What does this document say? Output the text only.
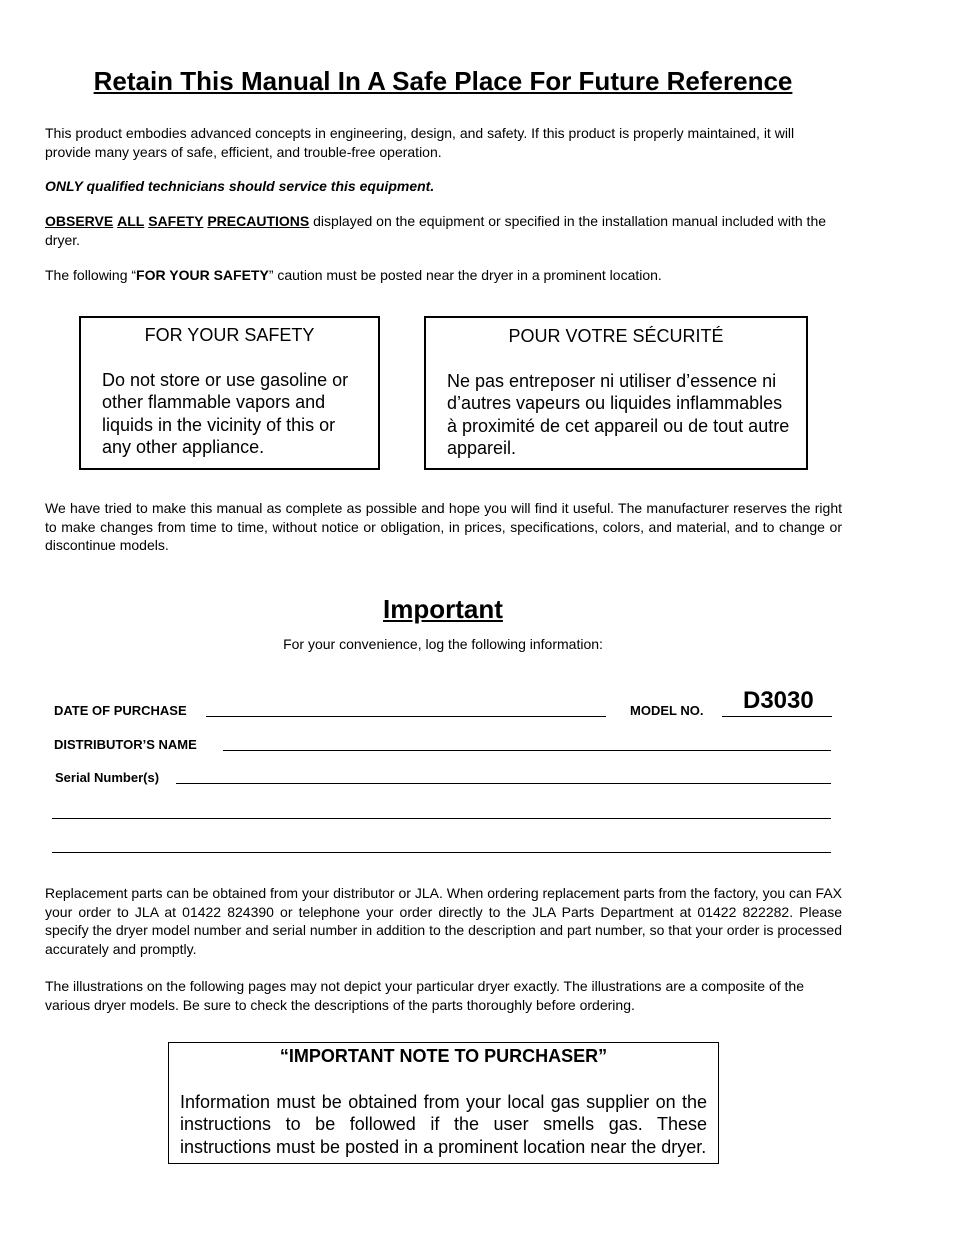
Retain This Manual In A Safe Place For Future Reference
This product embodies advanced concepts in engineering, design, and safety. If this product is properly maintained, it will provide many years of safe, efficient, and trouble-free operation.
ONLY qualified technicians should service this equipment.
OBSERVE ALL SAFETY PRECAUTIONS displayed on the equipment or specified in the installation manual included with the dryer.
The following “FOR YOUR SAFETY” caution must be posted near the dryer in a prominent location.
FOR YOUR SAFETY
Do not store or use gasoline or other flammable vapors and liquids in the vicinity of this or any other appliance.
POUR VOTRE SÉCURITÉ
Ne pas entreposer ni utiliser d’essence ni d’autres vapeurs ou liquides inflammables à proximité de cet appareil ou de tout autre appareil.
We have tried to make this manual as complete as possible and hope you will find it useful. The manufacturer reserves the right to make changes from time to time, without notice or obligation, in prices, specifications, colors, and material, and to change or discontinue models.
Important
For your convenience, log the following information:
DATE OF PURCHASE	MODEL NO. D3030
DISTRIBUTOR’S NAME
Serial Number(s)
Replacement parts can be obtained from your distributor or JLA. When ordering replacement parts from the factory, you can FAX your order to JLA at 01422 824390 or telephone your order directly to the JLA Parts Department at 01422 822282. Please specify the dryer model number and serial number in addition to the description and part number, so that your order is processed accurately and promptly.
The illustrations on the following pages may not depict your particular dryer exactly. The illustrations are a composite of the various dryer models. Be sure to check the descriptions of the parts thoroughly before ordering.
“IMPORTANT NOTE TO PURCHASER”
Information must be obtained from your local gas supplier on the instructions to be followed if the user smells gas. These instructions must be posted in a prominent location near the dryer.
